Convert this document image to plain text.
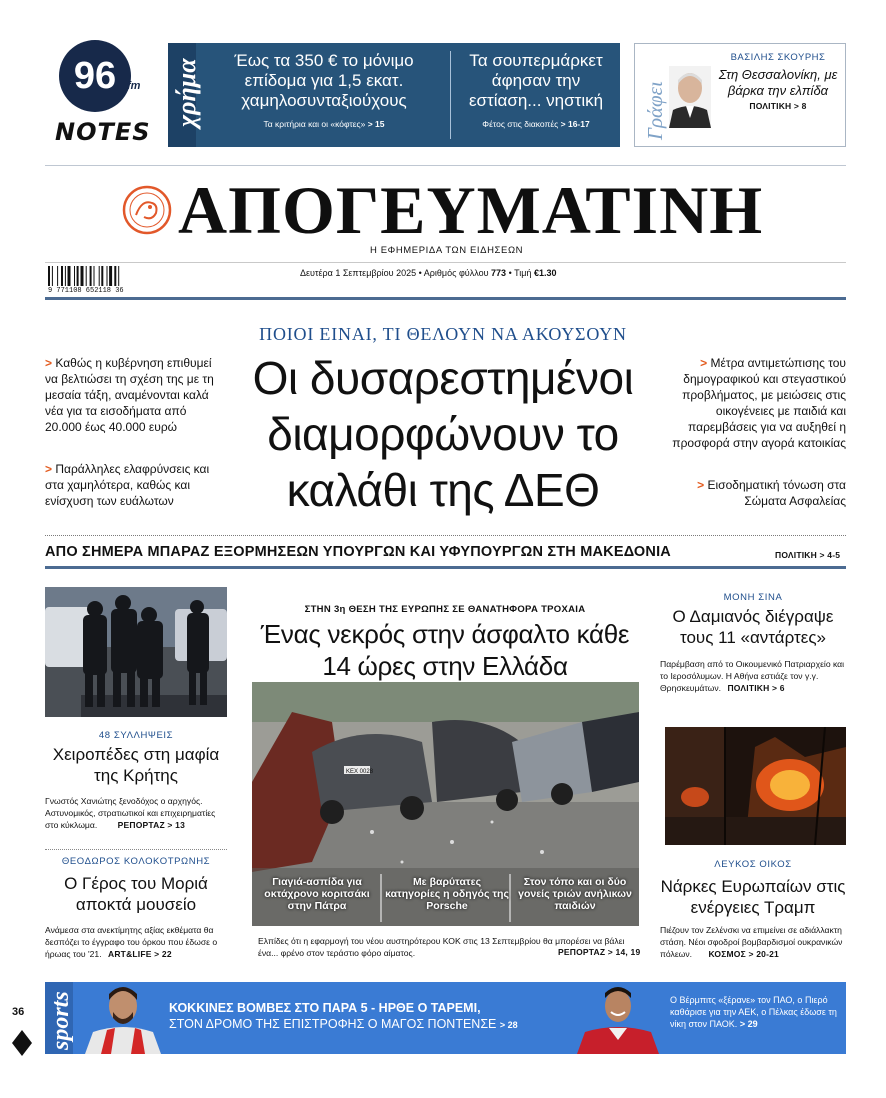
96 fm
NOTES
χρήμα	Έως τα 350 € το μόνιμο επίδομα για 1,5 εκατ. χαμηλοσυνταξιούχους
Τα κριτήρια και οι «κόφτες» > 15
Τα σουπερμάρκετ άφησαν την εστίαση... νηστική
Φέτος στις διακοπές > 16-17	Γράφει
ΒΑΣΙΛΗΣ ΣΚΟΥΡΗΣ
Στη Θεσσαλονίκη, με βάρκα την ελπίδα
ΠΟΛΙΤΙΚΗ > 8
ΑΠΟΓΕΥΜΑΤΙΝΗ
Η ΕΦΗΜΕΡΙΔΑ ΤΩΝ ΕΙΔΗΣΕΩΝ
9 771108 652118 36
Δευτέρα 1 Σεπτεμβρίου 2025 • Αριθμός φύλλου 773 • Τιμή €1.30
ΠΟΙΟΙ ΕΙΝΑΙ, ΤΙ ΘΕΛΟΥΝ ΝΑ ΑΚΟΥΣΟΥΝ
Οι δυσαρεστημένοι διαμορφώνουν το καλάθι της ΔΕΘ
> Καθώς η κυβέρνηση επιθυμεί να βελτιώσει τη σχέση της με τη μεσαία τάξη, αναμένονται καλά νέα για τα εισοδήματα από 20.000 έως 40.000 ευρώ
> Παράλληλες ελαφρύνσεις και στα χαμηλότερα, καθώς και ενίσχυση των ευάλωτων
> Μέτρα αντιμετώπισης του δημογραφικού και στεγαστικού προβλήματος, με μειώσεις στις οικογένειες με παιδιά και παρεμβάσεις για να αυξηθεί η προσφορά στην αγορά κατοικίας
> Εισοδηματική τόνωση στα Σώματα Ασφαλείας
ΑΠΟ ΣΗΜΕΡΑ ΜΠΑΡΑΖ ΕΞΟΡΜΗΣΕΩΝ ΥΠΟΥΡΓΩΝ ΚΑΙ ΥΦΥΠΟΥΡΓΩΝ ΣΤΗ ΜΑΚΕΔΟΝΙΑ	ΠΟΛΙΤΙΚΗ > 4-5
48 ΣΥΛΛΗΨΕΙΣ
Χειροπέδες στη μαφία της Κρήτης
Γνωστός Χανιώτης ξενοδόχος ο αρχηγός. Αστυνομικός, στρατιωτικοί και επιχειρηματίες στο κύκλωμα. ΡΕΠΟΡΤΑΖ > 13
ΘΕΟΔΩΡΟΣ ΚΟΛΟΚΟΤΡΩΝΗΣ
Ο Γέρος του Μοριά αποκτά μουσείο
Ανάμεσα στα ανεκτίμητης αξίας εκθέματα θα δεσπόζει το έγγραφο του όρκου που έδωσε ο ήρωας του '21. ART&LIFE > 22
ΣΤΗΝ 3η ΘΕΣΗ ΤΗΣ ΕΥΡΩΠΗΣ ΣΕ ΘΑΝΑΤΗΦΟΡΑ ΤΡΟΧΑΙΑ
Ένας νεκρός στην άσφαλτο κάθε 14 ώρες στην Ελλάδα
ΚΕΧ 0028
Γιαγιά-ασπίδα για οκτάχρονο κοριτσάκι στην Πάτρα
Με βαρύτατες κατηγορίες η οδηγός της Porsche
Στον τόπο και οι δύο γονείς τριών ανήλικων παιδιών
Ελπίδες ότι η εφαρμογή του νέου αυστηρότερου ΚΟΚ στις 13 Σεπτεμβρίου θα μπορέσει να βάλει ένα... φρένο στον τεράστιο φόρο αίματος.	ΡΕΠΟΡΤΑΖ > 14, 19
ΜΟΝΗ ΣΙΝΑ
Ο Δαμιανός διέγραψε τους 11 «αντάρτες»
Παρέμβαση από το Οικουμενικό Πατριαρχείο και το Ιεροσόλυμων. Η Αθήνα εστιάζε τον γ.γ. Θρησκευμάτων. ΠΟΛΙΤΙΚΗ > 6
ΛΕΥΚΟΣ ΟΙΚΟΣ
Νάρκες Ευρωπαίων στις ενέργειες Τραμπ
Πιέζουν τον Ζελένσκι να επιμείνει σε αδιάλλακτη στάση. Νέοι σφοδροί βομβαρδισμοί ουκρανικών πόλεων. ΚΟΣΜΟΣ > 20-21
sports	ΚΟΚΚΙΝΕΣ ΒΟΜΒΕΣ ΣΤΟ ΠΑΡΑ 5 - ΗΡΘΕ Ο ΤΑΡΕΜΙ,
ΣΤΟΝ ΔΡΟΜΟ ΤΗΣ ΕΠΙΣΤΡΟΦΗΣ Ο ΜΑΓΟΣ ΠΟΝΤΕΝΣΕ > 28
Ο Βέρμπιτς «ξέρανε» τον ΠΑΟ, ο Πιερό καθάρισε για την ΑΕΚ, ο Πέλκας έδωσε τη νίκη στον ΠΑΟΚ. > 29
36
